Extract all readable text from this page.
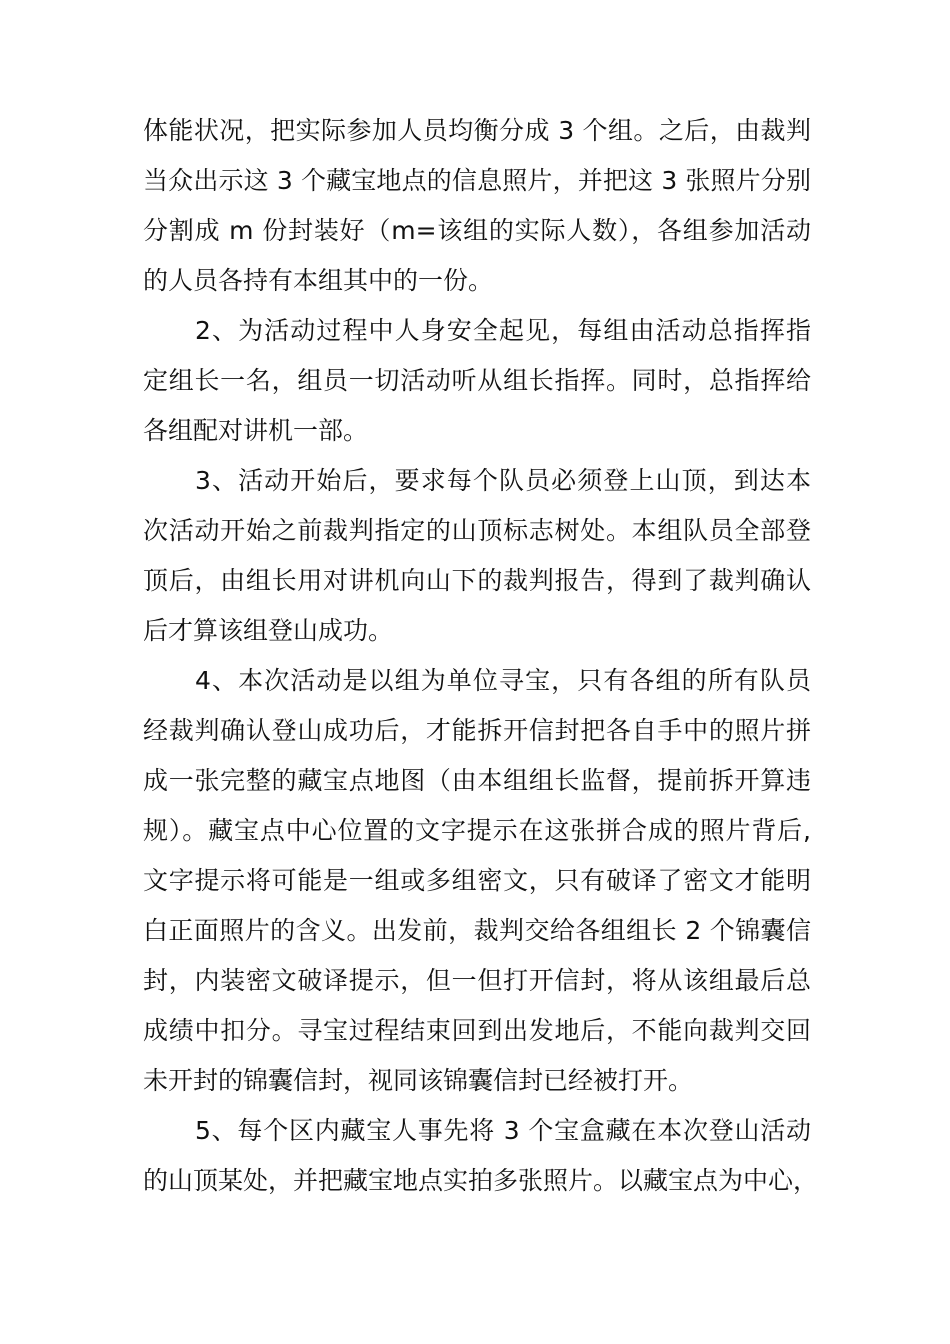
体能状况，把实际参加人员均衡分成 3 个组。之后，由裁判
当众出示这 3 个藏宝地点的信息照片，并把这 3 张照片分别
分割成 m 份封装好（m=该组的实际人数），各组参加活动
的人员各持有本组其中的一份。
2、为活动过程中人身安全起见，每组由活动总指挥指
定组长一名，组员一切活动听从组长指挥。同时，总指挥给
各组配对讲机一部。
3、活动开始后，要求每个队员必须登上山顶，到达本
次活动开始之前裁判指定的山顶标志树处。本组队员全部登
顶后，由组长用对讲机向山下的裁判报告，得到了裁判确认
后才算该组登山成功。
4、本次活动是以组为单位寻宝，只有各组的所有队员
经裁判确认登山成功后，才能拆开信封把各自手中的照片拼
成一张完整的藏宝点地图（由本组组长监督，提前拆开算违
规）。藏宝点中心位置的文字提示在这张拼合成的照片背后,
文字提示将可能是一组或多组密文，只有破译了密文才能明
白正面照片的含义。出发前，裁判交给各组组长 2 个锦囊信
封，内装密文破译提示，但一但打开信封，将从该组最后总
成绩中扣分。寻宝过程结束回到出发地后，不能向裁判交回
未开封的锦囊信封，视同该锦囊信封已经被打开。
5、每个区内藏宝人事先将 3 个宝盒藏在本次登山活动
的山顶某处，并把藏宝地点实拍多张照片。以藏宝点为中心，
